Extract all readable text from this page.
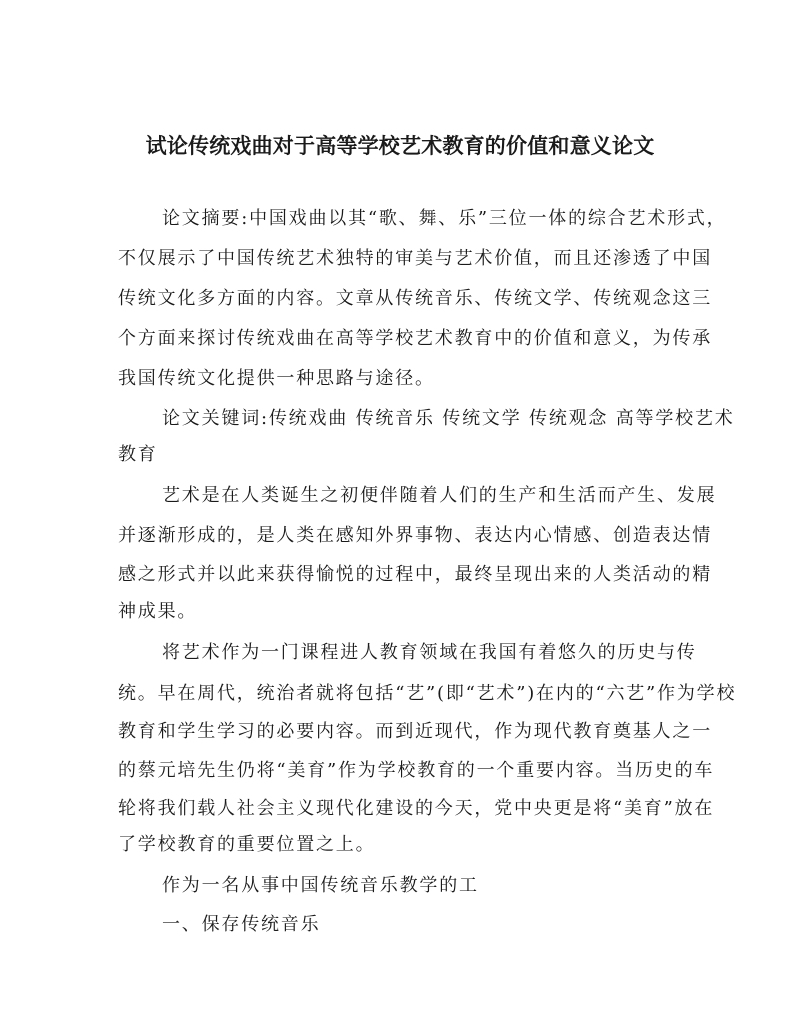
试论传统戏曲对于高等学校艺术教育的价值和意义论文
论文摘要:中国戏曲以其“歌、舞、乐”三位一体的综合艺术形式，
不仅展示了中国传统艺术独特的审美与艺术价值，而且还渗透了中国
传统文化多方面的内容。文章从传统音乐、传统文学、传统观念这三
个方面来探讨传统戏曲在高等学校艺术教育中的价值和意义，为传承
我国传统文化提供一种思路与途径。
论文关键词:传统戏曲 传统音乐 传统文学 传统观念 高等学校艺术
教育
艺术是在人类诞生之初便伴随着人们的生产和生活而产生、发展
并逐渐形成的，是人类在感知外界事物、表达内心情感、创造表达情
感之形式并以此来获得愉悦的过程中，最终呈现出来的人类活动的精
神成果。
将艺术作为一门课程进人教育领域在我国有着悠久的历史与传
统。早在周代，统治者就将包括“艺”(即“艺术”)在内的“六艺”作为学校
教育和学生学习的必要内容。而到近现代，作为现代教育奠基人之一
的蔡元培先生仍将“美育”作为学校教育的一个重要内容。当历史的车
轮将我们载人社会主义现代化建设的今天，党中央更是将“美育”放在
了学校教育的重要位置之上。
作为一名从事中国传统音乐教学的工
一、保存传统音乐
